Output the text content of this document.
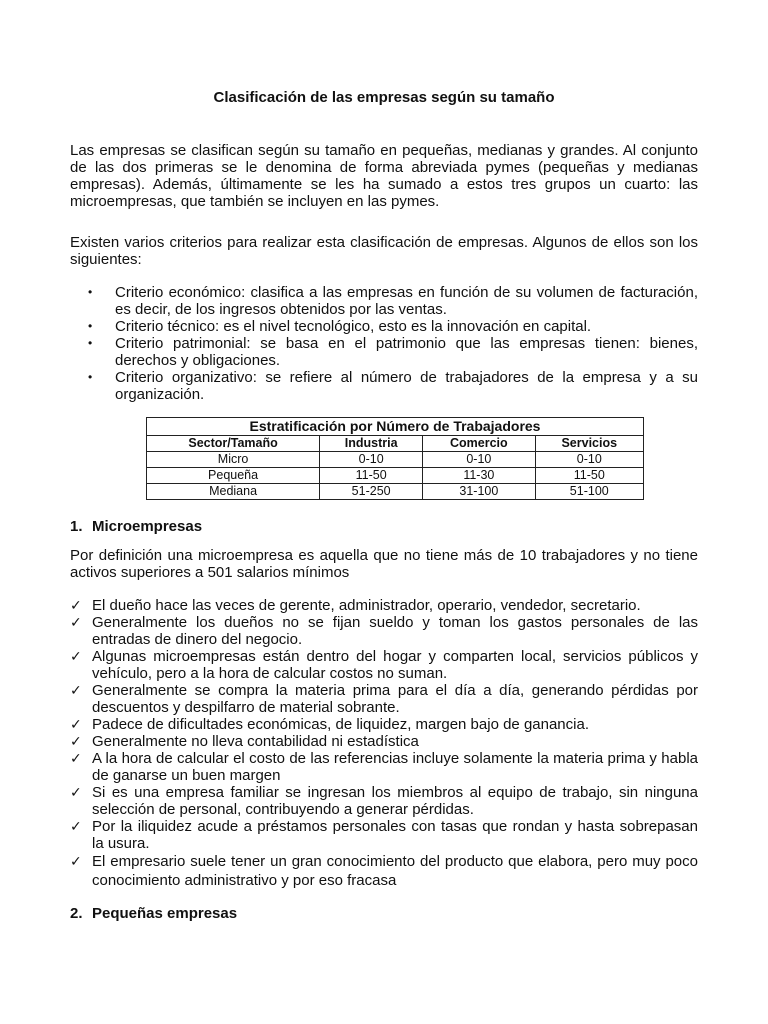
Clasificación de las empresas según su tamaño

Las empresas se clasifican según su tamaño en pequeñas, medianas y grandes. Al conjunto de las dos primeras se le denomina de forma abreviada pymes (pequeñas y medianas empresas). Además, últimamente se les ha sumado a estos tres grupos un cuarto: las microempresas, que también se incluyen en las pymes.

Existen varios criterios para realizar esta clasificación de empresas. Algunos de ellos son los siguientes:

• Criterio económico: clasifica a las empresas en función de su volumen de facturación, es decir, de los ingresos obtenidos por las ventas.
• Criterio técnico: es el nivel tecnológico, esto es la innovación en capital.
• Criterio patrimonial: se basa en el patrimonio que las empresas tienen: bienes, derechos y obligaciones.
• Criterio organizativo: se refiere al número de trabajadores de la empresa y a su organización.
Estratificación por Número de Trabajadores			
Sector/Tamaño	Industria	Comercio	Servicios
Micro	0-10	0-10	0-10
Pequeña	11-50	11-30	11-50
Mediana	51-250	31-100	51-100
1. Microempresas

Por definición una microempresa es aquella que no tiene más de 10 trabajadores y no tiene activos superiores a 501 salarios mínimos

✓ El dueño hace las veces de gerente, administrador, operario, vendedor, secretario.
✓ Generalmente los dueños no se fijan sueldo y toman los gastos personales de las entradas de dinero del negocio.
✓ Algunas microempresas están dentro del hogar y comparten local, servicios públicos y vehículo, pero a la hora de calcular costos no suman.
✓ Generalmente se compra la materia prima para el día a día, generando pérdidas por descuentos y despilfarro de material sobrante.
✓ Padece de dificultades económicas, de liquidez, margen bajo de ganancia.
✓ Generalmente no lleva contabilidad ni estadística
✓ A la hora de calcular el costo de las referencias incluye solamente la materia prima y habla de ganarse un buen margen
✓ Si es una empresa familiar se ingresan los miembros al equipo de trabajo, sin ninguna selección de personal, contribuyendo a generar pérdidas.
✓ Por la iliquidez acude a préstamos personales con tasas que rondan y hasta sobrepasan la usura.
✓ El empresario suele tener un gran conocimiento del producto que elabora, pero muy poco conocimiento administrativo y por eso fracasa
2. Pequeñas empresas
